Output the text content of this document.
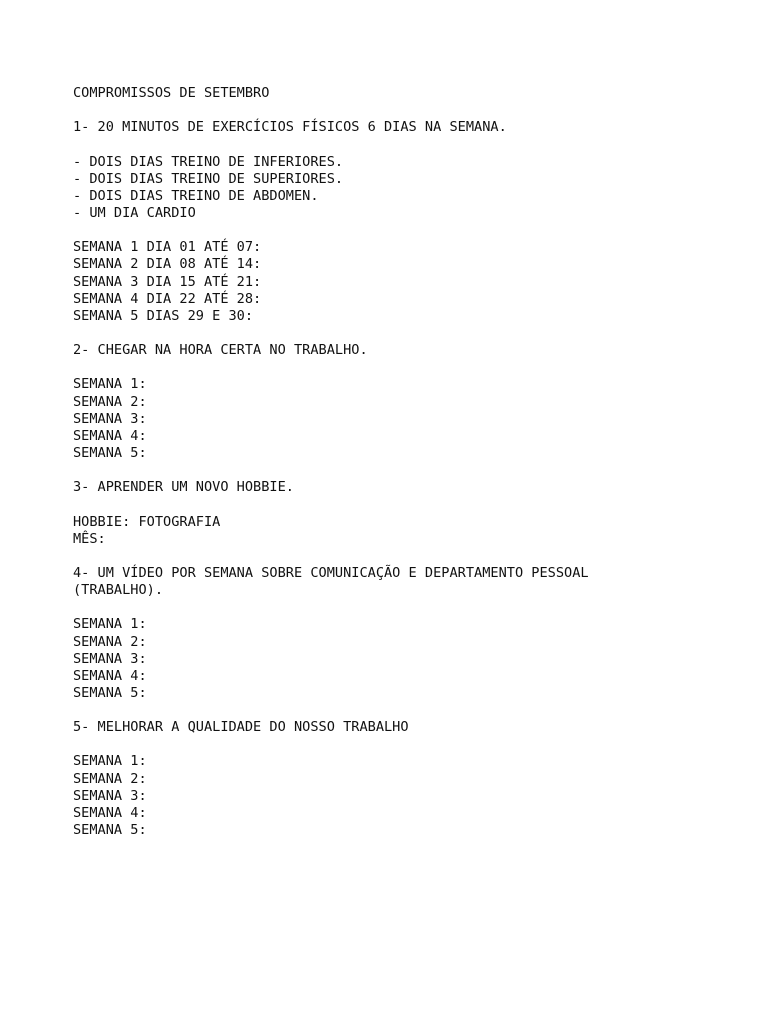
COMPROMISSOS DE SETEMBRO
1- 20 MINUTOS DE EXERCÍCIOS FÍSICOS 6 DIAS NA SEMANA.
- DOIS DIAS TREINO DE INFERIORES.
- DOIS DIAS TREINO DE SUPERIORES.
- DOIS DIAS TREINO DE ABDOMEN.
- UM DIA CARDIO
SEMANA 1 DIA 01 ATÉ 07:
SEMANA 2 DIA 08 ATÉ 14:
SEMANA 3 DIA 15 ATÉ 21:
SEMANA 4 DIA 22 ATÉ 28:
SEMANA 5 DIAS 29 E 30:
2- CHEGAR NA HORA CERTA NO TRABALHO.
SEMANA 1:
SEMANA 2:
SEMANA 3:
SEMANA 4:
SEMANA 5:
3- APRENDER UM NOVO HOBBIE.
HOBBIE: FOTOGRAFIA
MÊS:
4- UM VÍDEO POR SEMANA SOBRE COMUNICAÇÃO E DEPARTAMENTO PESSOAL
(TRABALHO).
SEMANA 1:
SEMANA 2:
SEMANA 3:
SEMANA 4:
SEMANA 5:
5- MELHORAR A QUALIDADE DO NOSSO TRABALHO
SEMANA 1:
SEMANA 2:
SEMANA 3:
SEMANA 4:
SEMANA 5:
